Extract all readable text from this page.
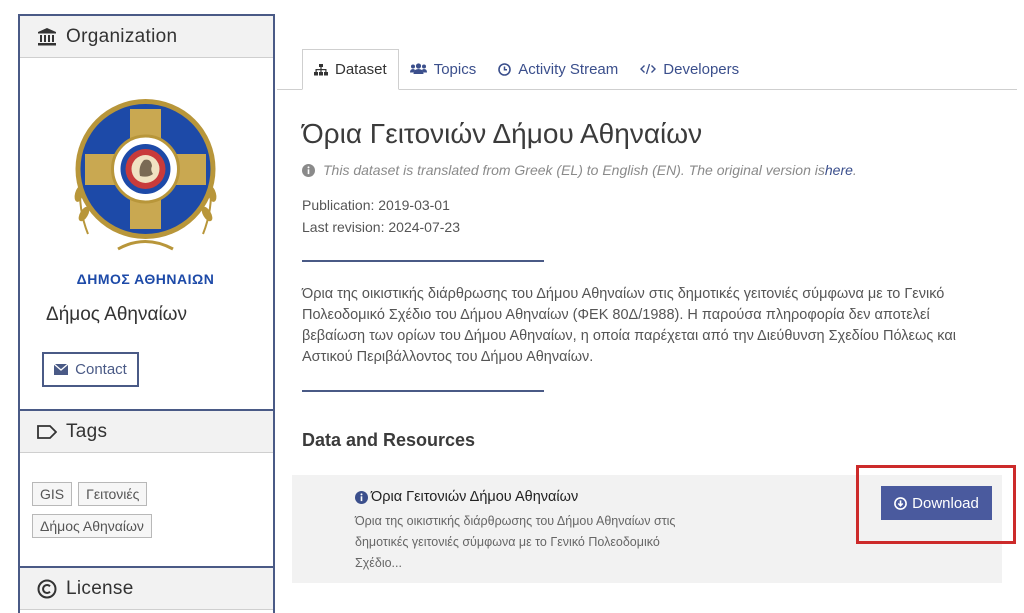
Organization
ΔΗΜΟΣ ΑΘΗΝΑΙΩΝ
Δήμος Αθηναίων
Contact
Tags
GIS ΓειτονιέςΔήμος Αθηναίων
License
Dataset	Topics	Activity Stream	Developers
Όρια Γειτονιών Δήμου Αθηναίων
This dataset is translated from Greek (EL) to English (EN). The original version is here .
Publication: 2019-03-01
Last revision: 2024-07-23

Όρια της οικιστικής διάρθρωσης του Δήμου Αθηναίων στις δημοτικές γειτονιές σύμφωνα με το Γενικό Πολεοδομικό Σχέδιο του Δήμου Αθηναίων (ΦΕΚ 80Δ/1988). Η παρούσα πληροφορία δεν αποτελεί βεβαίωση των ορίων του Δήμου Αθηναίων, η οποία παρέχεται από την Διεύθυνση Σχεδίου Πόλεως και Αστικού Περιβάλλοντος του Δήμου Αθηναίων.

Data and Resources
Όρια Γειτονιών Δήμου Αθηναίων
Όρια της οικιστικής διάρθρωσης του Δήμου Αθηναίων στις δημοτικές γειτονιές σύμφωνα με το Γενικό Πολεοδομικό Σχέδιο...
Download
